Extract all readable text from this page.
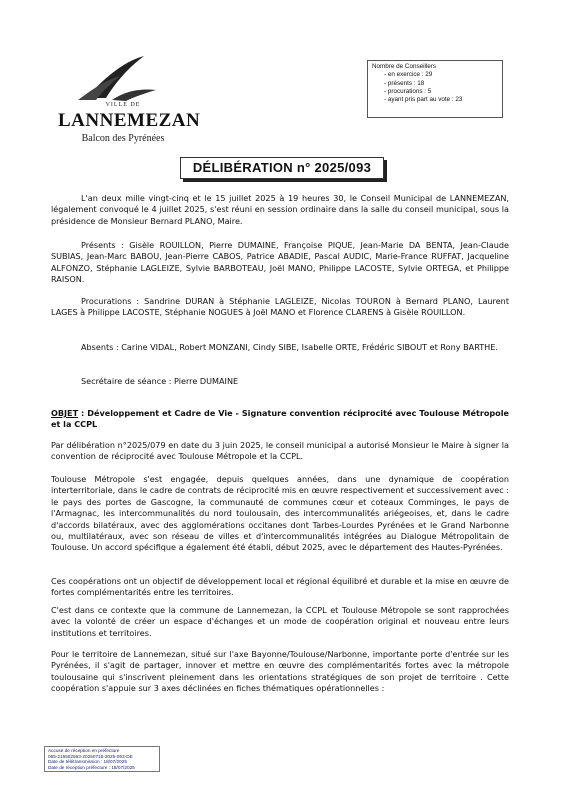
VILLE DE
LANNEMEZAN
Balcon des Pyrénées
Nombre de Conseillers
- en exercice : 29
- présents : 18
- procurations : 5
- ayant pris part au vote : 23
DÉLIBÉRATION n° 2025/093
L'an deux mille vingt-cinq et le 15 juillet 2025 à 19 heures 30, le Conseil Municipal de LANNEMEZAN, légalement convoqué le 4 juillet 2025, s'est réuni en session ordinaire dans la salle du conseil municipal, sous la présidence de Monsieur Bernard PLANO, Maire.
Présents : Gisèle ROUILLON, Pierre DUMAINE, Françoise PIQUE, Jean-Marie DA BENTA, Jean-Claude SUBIAS, Jean-Marc BABOU, Jean-Pierre CABOS, Patrice ABADIE, Pascal AUDIC, Marie-France RUFFAT, Jacqueline ALFONZO, Stéphanie LAGLEIZE, Sylvie BARBOTEAU, Joël MANO, Philippe LACOSTE, Sylvie ORTEGA, et Philippe RAISON.
Procurations : Sandrine DURAN à Stéphanie LAGLEIZE, Nicolas TOURON à Bernard PLANO, Laurent LAGES à Philippe LACOSTE, Stéphanie NOGUES à Joël MANO et Florence CLARENS à Gisèle ROUILLON.
Absents : Carine VIDAL, Robert MONZANI, Cindy SIBE, Isabelle ORTE, Frédéric SIBOUT et Rony BARTHE.
Secrétaire de séance : Pierre DUMAINE
OBJET : Développement et Cadre de Vie - Signature convention réciprocité avec Toulouse Métropole et la CCPL
Par délibération n°2025/079 en date du 3 juin 2025, le conseil municipal a autorisé Monsieur le Maire à signer la convention de réciprocité avec Toulouse Métropole et la CCPL.
Toulouse Métropole s'est engagée, depuis quelques années, dans une dynamique de coopération interterritoriale, dans le cadre de contrats de réciprocité mis en œuvre respectivement et successivement avec : le pays des portes de Gascogne, la communauté de communes cœur et coteaux Comminges, le pays de l'Armagnac, les intercommunalités du nord toulousain, des intercommunalités ariégeoises, et, dans le cadre d'accords bilatéraux, avec des agglomérations occitanes dont Tarbes-Lourdes Pyrénées et le Grand Narbonne ou, multilatéraux, avec son réseau de villes et d'intercommunalités intégrées au Dialogue Métropolitain de Toulouse. Un accord spécifique a également été établi, début 2025, avec le département des Hautes-Pyrénées.
Ces coopérations ont un objectif de développement local et régional équilibré et durable et la mise en œuvre de fortes complémentarités entre les territoires.
C'est dans ce contexte que la commune de Lannemezan, la CCPL et Toulouse Métropole se sont rapprochées avec la volonté de créer un espace d'échanges et un mode de coopération original et nouveau entre leurs institutions et territoires.
Pour le territoire de Lannemezan, situé sur l'axe Bayonne/Toulouse/Narbonne, importante porte d'entrée sur les Pyrénées, il s'agit de partager, innover et mettre en œuvre des complémentarités fortes avec la métropole toulousaine qui s'inscrivent pleinement dans les orientations stratégiques de son projet de territoire . Cette coopération s'appuie sur 3 axes déclinées en fiches thématiques opérationnelles :
Accusé de réception en préfecture
065-216502563-20250716-2025-093-DE
Date de télétransmission : 18/07/2025
Date de réception préfecture : 18/07/2025
